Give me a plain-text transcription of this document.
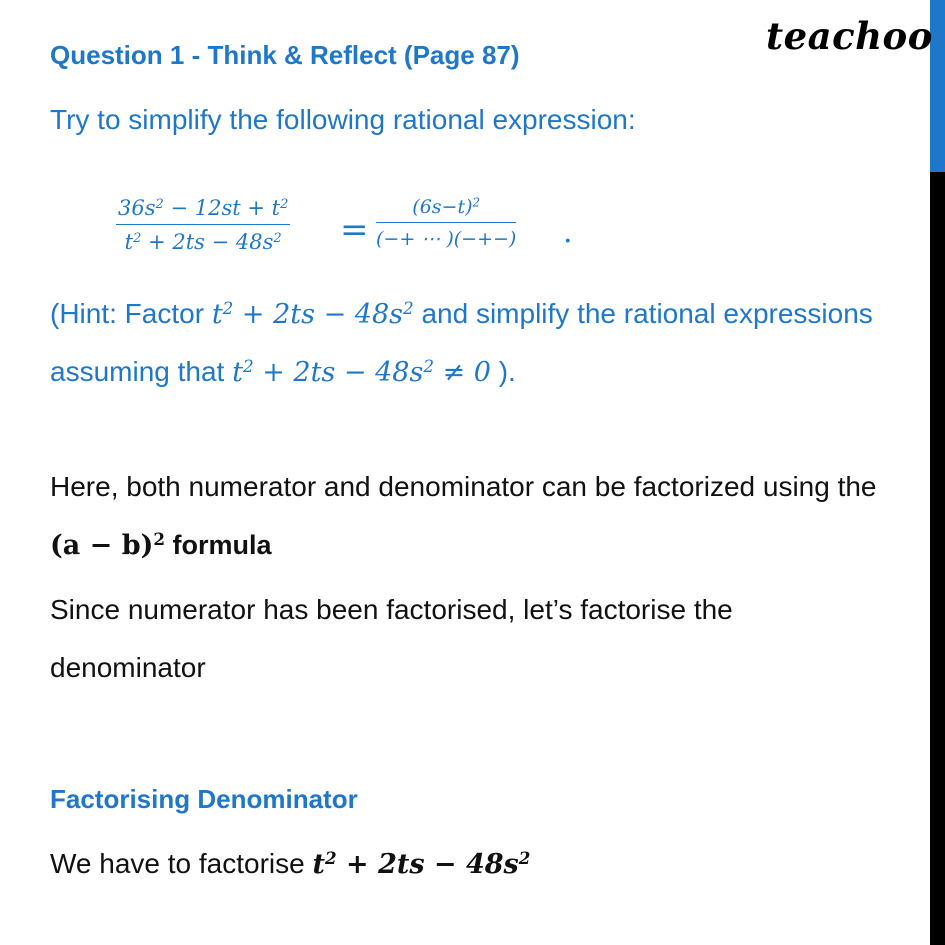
teachoo
Question 1 - Think & Reflect (Page 87)
Try to simplify the following rational expression:
$\frac{36s^2 - 12st + t^2}{t^2 + 2ts - 48s^2}$ =
$(6s-t)^2$
(−+ ⋯ )(−+−) .
(Hint: Factor $t^2 + 2ts - 48s^2$ and simplify the rational expressions
assuming that $t^2 + 2ts - 48s^2 \ne 0$ ).
Here, both numerator and denominator can be factorized using the
$(a - b)^2$ formula
Since numerator has been factorised, let’s factorise the
denominator
Factorising Denominator
We have to factorise $t^2 + 2ts - 48s^2$
